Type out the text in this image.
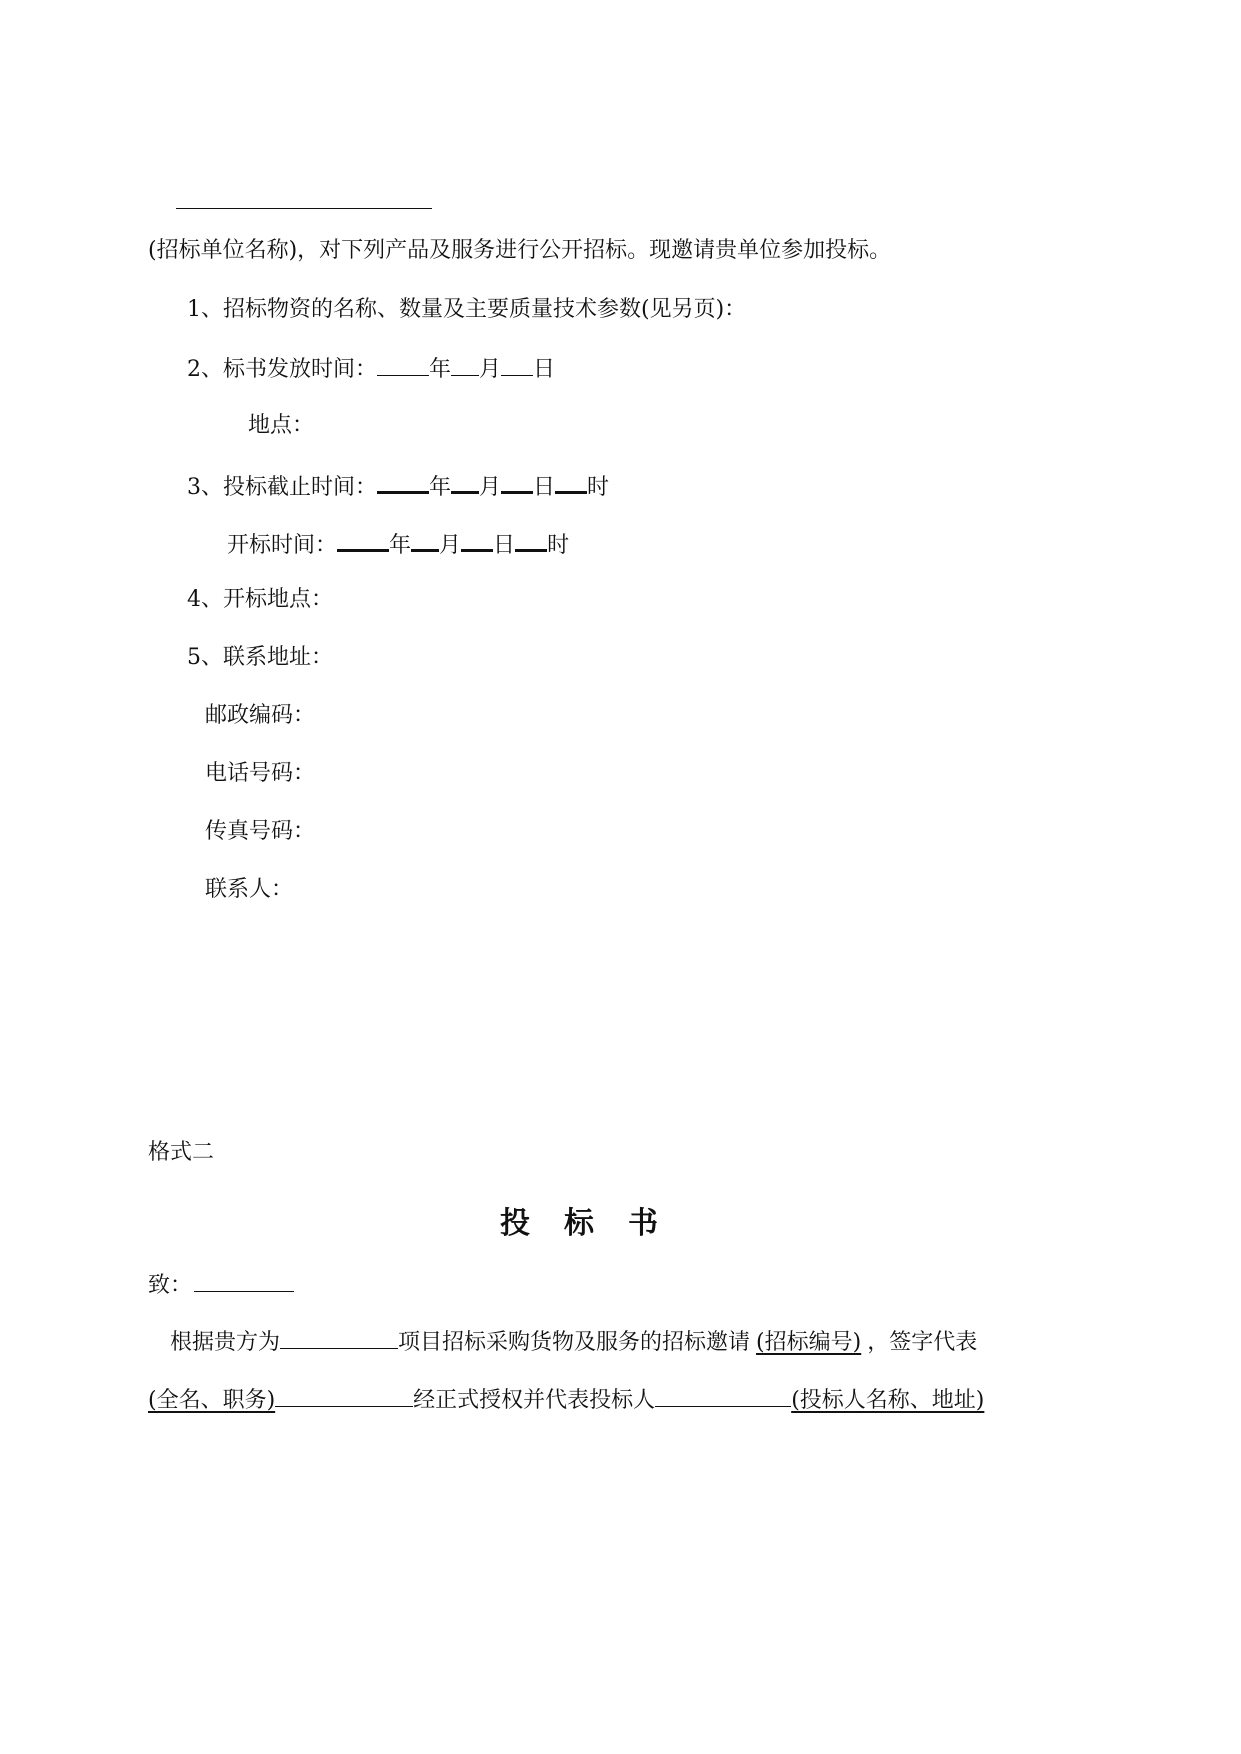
(招标单位名称)，对下列产品及服务进行公开招标。现邀请贵单位参加投标。
1、招标物资的名称、数量及主要质量技术参数(见另页)：
2、标书发放时间： 年 月 日
地点：
3、投标截止时间： 年 月 日 时
开标时间： 年 月 日 时
4、开标地点：
5、联系地址：
邮政编码：
电话号码：
传真号码：
联系人：
格式二
投 标 书
致：
根据贵方为	项目招标采购货物及服务的招标邀请 (招标编号) ，签字代表
(全名、职务)	经正式授权并代表投标人	(投标人名称、地址)
